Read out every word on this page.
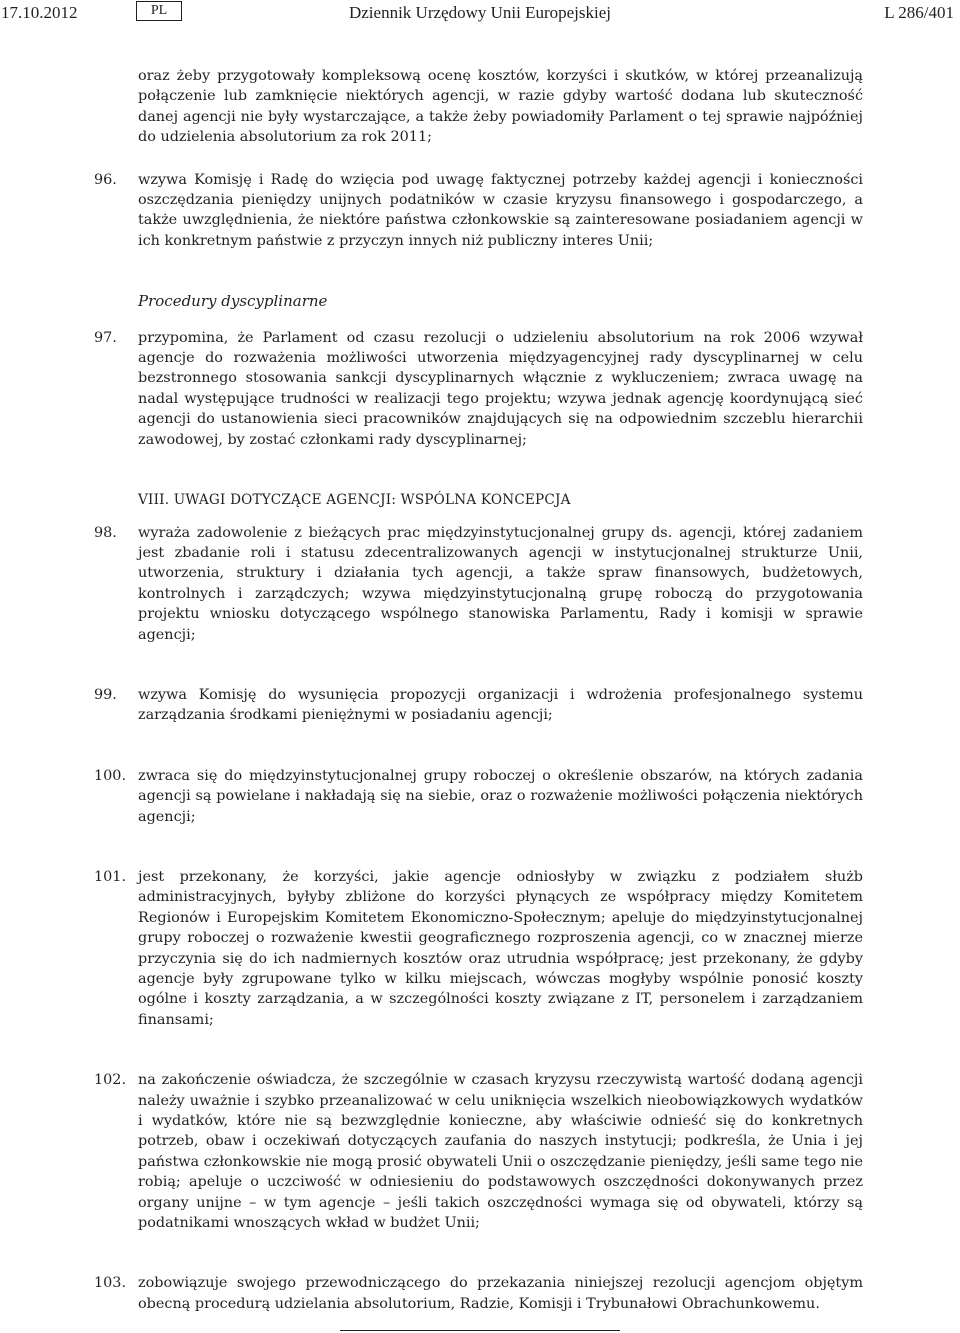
17.10.2012	PL	Dziennik Urzędowy Unii Europejskiej	L 286/401

oraz żeby przygotowały kompleksową ocenę kosztów, korzyści i skutków, w której przeanalizują połączenie lub zamknięcie niektórych agencji, w razie gdyby wartość dodana lub skuteczność danej agencji nie były wystarczające, a także żeby powiadomiły Parlament o tej sprawie najpóźniej do udzielenia absolutorium za rok 2011;

96.	wzywa Komisję i Radę do wzięcia pod uwagę faktycznej potrzeby każdej agencji i konieczności oszczędzania pieniędzy unijnych podatników w czasie kryzysu finansowego i gospodarczego, a także uwzględnienia, że niektóre państwa członkowskie są zainteresowane posiadaniem agencji w ich konkretnym państwie z przyczyn innych niż publiczny interes Unii;

Procedury dyscyplinarne

97.	przypomina, że Parlament od czasu rezolucji o udzieleniu absolutorium na rok 2006 wzywał agencje do rozważenia możliwości utworzenia międzyagencyjnej rady dyscyplinarnej w celu bezstronnego stosowania sankcji dyscyplinarnych włącznie z wykluczeniem; zwraca uwagę na nadal występujące trudności w realizacji tego projektu; wzywa jednak agencję koordynującą sieć agencji do ustanowienia sieci pracowników znajdujących się na odpowiednim szczeblu hierarchii zawodowej, by zostać członkami rady dyscyplinarnej;

VIII. UWAGI DOTYCZĄCE AGENCJI: WSPÓLNA KONCEPCJA

98.	wyraża zadowolenie z bieżących prac międzyinstytucjonalnej grupy ds. agencji, której zadaniem jest zbadanie roli i statusu zdecentralizowanych agencji w instytucjonalnej strukturze Unii, utworzenia, struktury i działania tych agencji, a także spraw finansowych, budżetowych, kontrolnych i zarządczych; wzywa międzyinstytucjonalną grupę roboczą do przygotowania projektu wniosku dotyczącego wspólnego stanowiska Parlamentu, Rady i komisji w sprawie agencji;
99.	wzywa Komisję do wysunięcia propozycji organizacji i wdrożenia profesjonalnego systemu zarządzania środkami pieniężnymi w posiadaniu agencji;
100. zwraca się do międzyinstytucjonalnej grupy roboczej o określenie obszarów, na których zadania agencji są powielane i nakładają się na siebie, oraz o rozważenie możliwości połączenia niektórych agencji;
101. jest przekonany, że korzyści, jakie agencje odniosłyby w związku z podziałem służb administracyjnych, byłyby zbliżone do korzyści płynących ze współpracy między Komitetem Regionów i Europejskim Komitetem Ekonomiczno-Społecznym; apeluje do międzyinstytucjonalnej grupy roboczej o rozważenie kwestii geograficznego rozproszenia agencji, co w znacznej mierze przyczynia się do ich nadmiernych kosztów oraz utrudnia współpracę; jest przekonany, że gdyby agencje były zgrupowane tylko w kilku miejscach, wówczas mogłyby wspólnie ponosić koszty ogólne i koszty zarządzania, a w szczególności koszty związane z IT, personelem i zarządzaniem finansami;
102. na zakończenie oświadcza, że szczególnie w czasach kryzysu rzeczywistą wartość dodaną agencji należy uważnie i szybko przeanalizować w celu uniknięcia wszelkich nieobowiązkowych wydatków i wydatków, które nie są bezwzględnie konieczne, aby właściwie odnieść się do konkretnych potrzeb, obaw i oczekiwań dotyczących zaufania do naszych instytucji; podkreśla, że Unia i jej państwa członkowskie nie mogą prosić obywateli Unii o oszczędzanie pieniędzy, jeśli same tego nie robią; apeluje o uczciwość w odniesieniu do podstawowych oszczędności dokonywanych przez organy unijne – w tym agencje – jeśli takich oszczędności wymaga się od obywateli, którzy są podatnikami wnoszących wkład w budżet Unii;
103. zobowiązuje swojego przewodniczącego do przekazania niniejszej rezolucji agencjom objętym obecną procedurą udzielania absolutorium, Radzie, Komisji i Trybunałowi Obrachunkowemu.
